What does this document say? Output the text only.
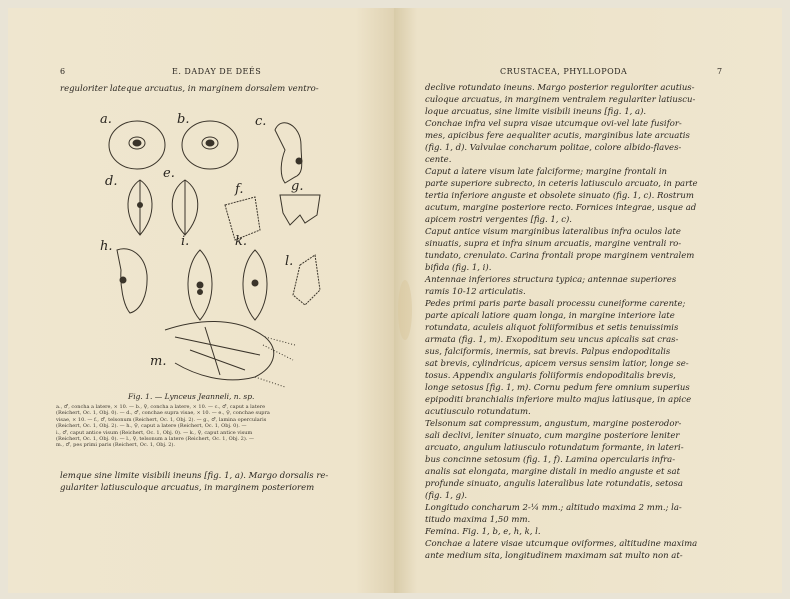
6	E. DADAY DE DEÉS
reguloriter lateque arcuatus, in marginem dorsalem ventro-
a.	b.	c.
d.
e.
f.	g.
h.	i.	k.
l.
m.
Fig. 1. — Lynceus Jeanneli, n. sp.
a., ♂, concha a latere, × 10. — b., ♀, concha a latere, × 10. — c., ♂, caput a latere
(Reichert, Oc. 1, Obj. 0). — d., ♂, conchae supra visae, × 10. — e., ♀, conchae supra
visae, × 10. — f., ♂, telsonum (Reichert, Oc. 1, Obj. 2). — g., ♂, lamina opercularis
(Reichert, Oc. 1, Obj. 2). — h., ♀, caput a latere (Reichert, Oc. 1, Obj. 0). —
i., ♂, caput antice visum (Reichert, Oc. 1, Obj. 0). — k., ♀, caput antice visum
(Reichert, Oc. 1, Obj. 0). — l., ♀, telsonum a latere (Reichert, Oc. 1, Obj. 2). —
m., ♂, pes primi paris (Reichert, Oc. 1, Obj. 2).
lemque sine limite visibili ineuns [fig. 1, a). Margo dorsalis re-
gulariter latiusculoque arcuatus, in marginem posteriorem
CRUSTACEA, PHYLLOPODA	7
declive rotundato ineuns. Margo posterior reguloriter acutius-
culoque arcuatus, in marginem ventralem regulariter latiuscu-
loque arcuatus, sine limite visibili ineuns [fig. 1, a).
Conchae infra vel supra visae utcumque ovi-vel late fusifor-
mes, apicibus fere aequaliter acutis, marginibus late arcuatis
(fig. 1, d). Valvulae concharum politae, colore albido-flaves-
cente.
Caput a latere visum late falciforme; margine frontali in
parte superiore subrecto, in ceteris latiusculo arcuato, in parte
tertia inferiore anguste et obsolete sinuato (fig. 1, c). Rostrum
acutum, margine posteriore recto. Fornices integrae, usque ad
apicem rostri vergentes [fig. 1, c).
Caput antice visum marginibus lateralibus infra oculos late
sinuatis, supra et infra sinum arcuatis, margine ventrali ro-
tundato, crenulato. Carina frontali prope marginem ventralem
bifida (fig. 1, i).
Antennae inferiores structura typica; antennae superiores
ramis 10-12 articulatis.
Pedes primi paris parte basali processu cuneiforme carente;
parte apicali latiore quam longa, in margine interiore late
rotundata, aculeis aliquot foliiformibus et setis tenuissimis
armata (fig. 1, m). Exopoditum seu uncus apicalis sat cras-
sus, falciformis, inermis, sat brevis. Palpus endopoditalis
sat brevis, cylindricus, apicem versus sensim latior, longe se-
tosus. Appendix angularis foliiformis endopoditalis brevis,
longe setosus [fig. 1, m). Cornu pedum fere omnium superius
epipoditi branchialis inferiore multo majus latiusque, in apice
acutiusculo rotundatum.
Telsonum sat compressum, angustum, margine posterodor-
sali declivi, leniter sinuato, cum margine posteriore leniter
arcuato, angulum latiusculo rotundatum formante, in lateri-
bus concinne setosum (fig. 1, f). Lamina opercularis infra-
analis sat elongata, margine distali in medio anguste et sat
profunde sinuato, angulis lateralibus late rotundatis, setosa
(fig. 1, g).
Longitudo concharum 2-¼ mm.; altitudo maxima 2 mm.; la-
titudo maxima 1,50 mm.
Femina. Fig. 1, b, e, h, k, l.
Conchae a latere visae utcumque oviformes, altitudine maxima
ante medium sita, longitudinem maximam sat multo non at-
